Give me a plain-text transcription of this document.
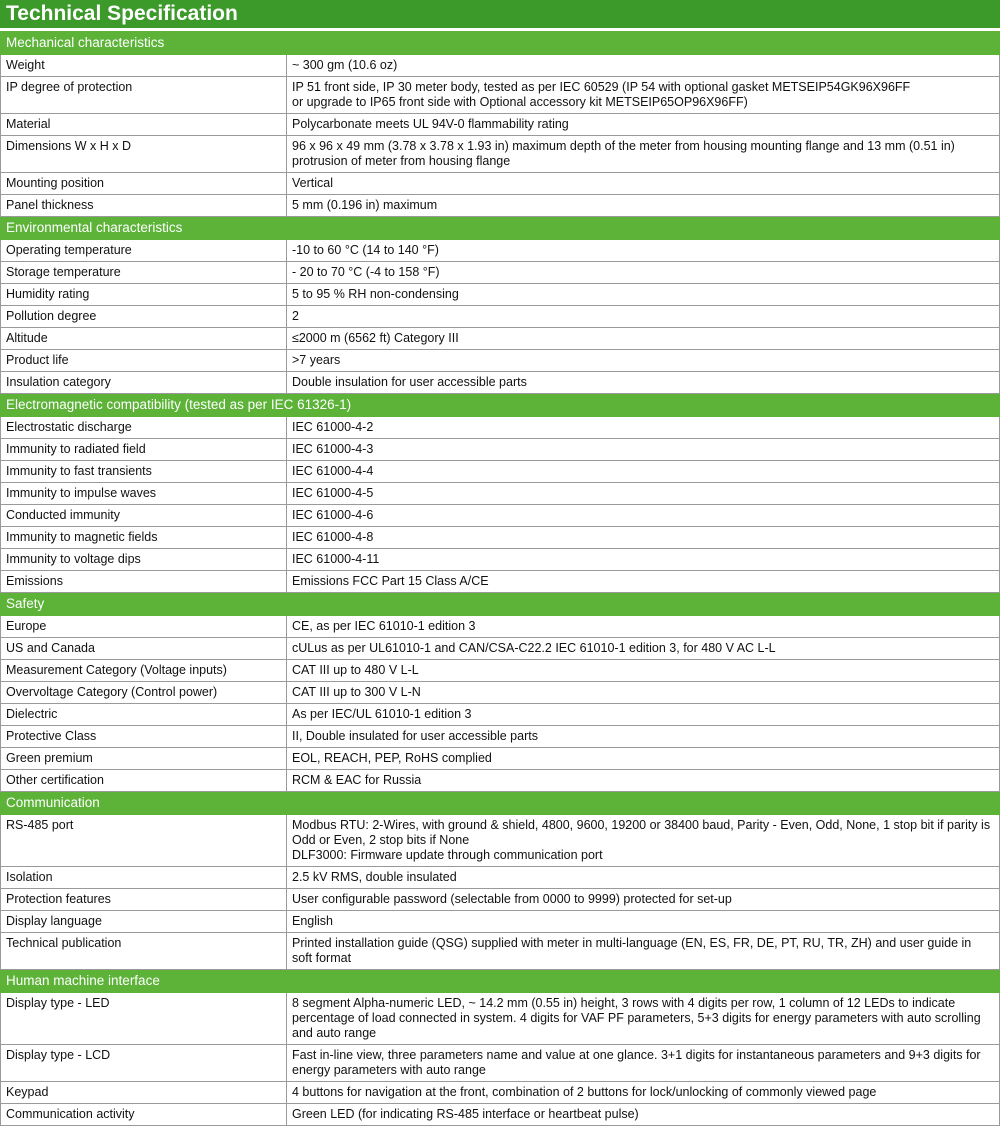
Technical Specification
Mechanical characteristics	
Weight	~ 300 gm (10.6 oz)
IP degree of protection	IP 51 front side, IP 30 meter body, tested as per IEC 60529 (IP 54 with optional gasket METSEIP54GK96X96FF
or upgrade to IP65 front side with Optional accessory kit METSEIP65OP96X96FF)
Material	Polycarbonate meets UL 94V-0 flammability rating
Dimensions W x H x D	96 x 96 x 49 mm (3.78 x 3.78 x 1.93 in) maximum depth of the meter from housing mounting flange and 13 mm (0.51 in) protrusion of meter from housing flange
Mounting position	Vertical
Panel thickness	5 mm (0.196 in) maximum
Environmental characteristics	
Operating temperature	-10 to 60 °C (14 to 140 °F)
Storage temperature	- 20 to 70 °C (-4 to 158 °F)
Humidity rating	5 to 95 % RH non-condensing
Pollution degree	2
Altitude	≤2000 m (6562 ft) Category III
Product life	>7 years
Insulation category	Double insulation for user accessible parts
Electromagnetic compatibility (tested as per IEC 61326-1)	
Electrostatic discharge	IEC 61000-4-2
Immunity to radiated field	IEC 61000-4-3
Immunity to fast transients	IEC 61000-4-4
Immunity to impulse waves	IEC 61000-4-5
Conducted immunity	IEC 61000-4-6
Immunity to magnetic fields	IEC 61000-4-8
Immunity to voltage dips	IEC 61000-4-11
Emissions	Emissions FCC Part 15 Class A/CE
Safety	
Europe	CE, as per IEC 61010-1 edition 3
US and Canada	cULus as per UL61010-1 and CAN/CSA-C22.2 IEC 61010-1 edition 3, for 480 V AC L-L
Measurement Category (Voltage inputs)	CAT III up to 480 V L-L
Overvoltage Category (Control power)	CAT III up to 300 V L-N
Dielectric	As per IEC/UL 61010-1 edition 3
Protective Class	II, Double insulated for user accessible parts
Green premium	EOL, REACH, PEP, RoHS complied
Other certification	RCM & EAC for Russia
Communication	
RS-485 port	Modbus RTU: 2-Wires, with ground & shield, 4800, 9600, 19200 or 38400 baud, Parity - Even, Odd, None, 1 stop bit if parity is Odd or Even, 2 stop bits if None
DLF3000: Firmware update through communication port
Isolation	2.5 kV RMS, double insulated
Protection features	User configurable password (selectable from 0000 to 9999) protected for set-up
Display language	English
Technical publication	Printed installation guide (QSG) supplied with meter in multi-language (EN, ES, FR, DE, PT, RU, TR, ZH) and user guide in soft format
Human machine interface	
Display type - LED	8 segment Alpha-numeric LED, ~ 14.2 mm (0.55 in) height, 3 rows with 4 digits per row, 1 column of 12 LEDs to indicate percentage of load connected in system. 4 digits for VAF PF parameters, 5+3 digits for energy parameters with auto scrolling and auto range
Display type - LCD	Fast in-line view, three parameters name and value at one glance. 3+1 digits for instantaneous parameters and 9+3 digits for energy parameters with auto range
Keypad	4 buttons for navigation at the front, combination of 2 buttons for lock/unlocking of commonly viewed page
Communication activity	Green LED (for indicating RS-485 interface or heartbeat pulse)
